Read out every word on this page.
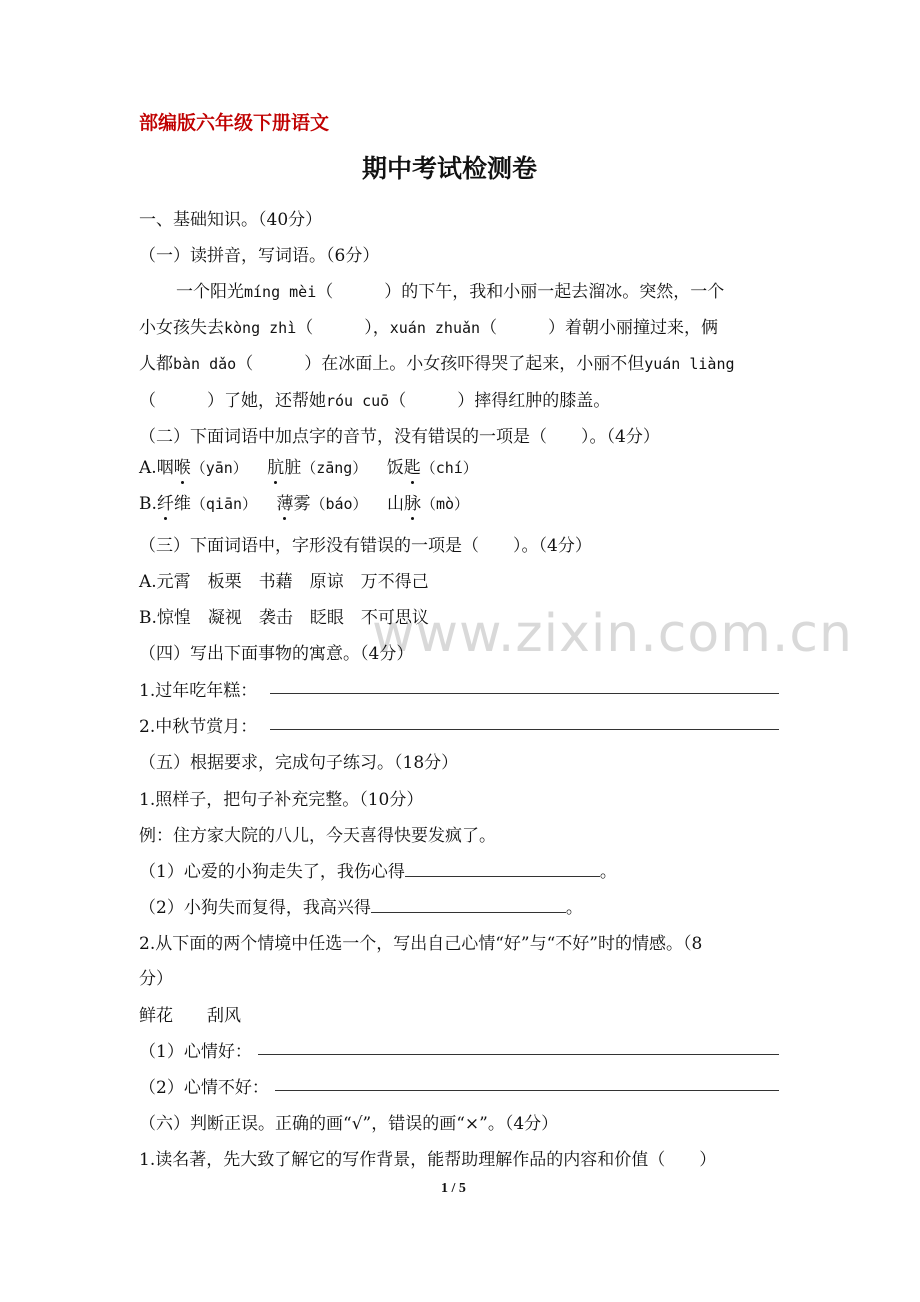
部编版六年级下册语文
期中考试检测卷
www.zixin.com.cn
一、基础知识。（40分）
（一）读拼音，写词语。（6分）
一个阳光míng mèi（　　　）的下午，我和小丽一起去溜冰。突然，一个
小女孩失去kòng zhì（　　　），xuán zhuǎn（　　　）着朝小丽撞过来，俩
人都bàn dǎo（　　　）在冰面上。小女孩吓得哭了起来，小丽不但yuán liàng
（　　　）了她，还帮她róu cuō（　　　）摔得红肿的膝盖。
（二）下面词语中加点字的音节，没有错误的一项是（　　）。（4分）
A.咽喉（yān） 肮脏（zāng） 饭匙（chí）
B.纤维（qiān） 薄雾（báo） 山脉（mò）
（三）下面词语中，字形没有错误的一项是（　　）。（4分）
A.元霄　板栗　书藉　原谅　万不得己
B.惊惶　凝视　袭击　眨眼　不可思议
（四）写出下面事物的寓意。（4分）
1.过年吃年糕：
2.中秋节赏月：
（五）根据要求，完成句子练习。（18分）
1.照样子，把句子补充完整。（10分）
例：住方家大院的八儿，今天喜得快要发疯了。
（1）心爱的小狗走失了，我伤心得	。
（2）小狗失而复得，我高兴得	。
2.从下面的两个情境中任选一个，写出自己心情“好”与“不好”时的情感。（8
分）
鲜花　　刮风
（1）心情好：
（2）心情不好：
（六）判断正误。正确的画“√”，错误的画“×”。（4分）
1.读名著，先大致了解它的写作背景，能帮助理解作品的内容和价值（　　）
1 / 5
